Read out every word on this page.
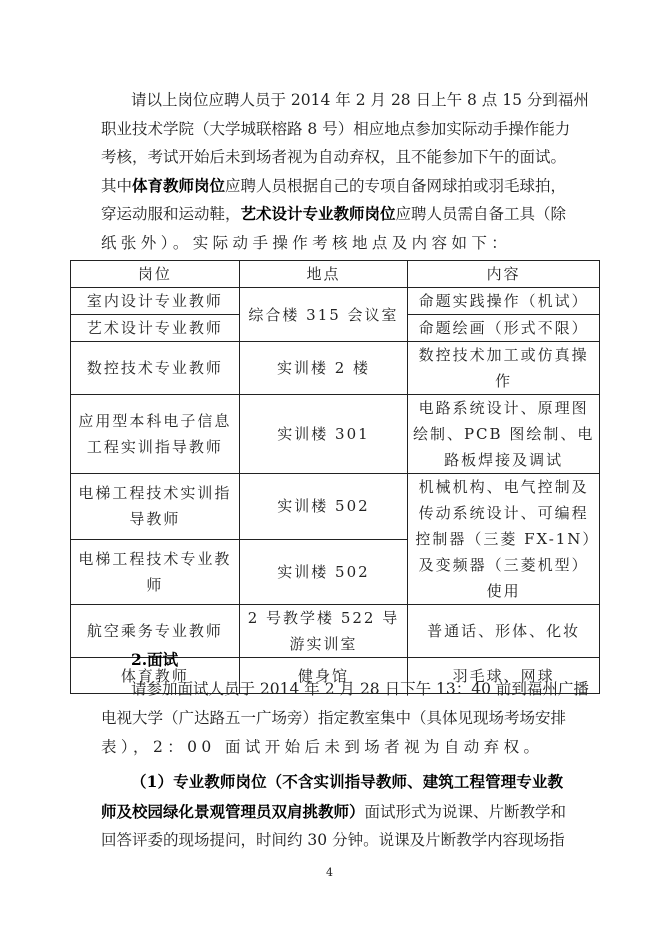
请以上岗位应聘人员于 2014 年 2 月 28 日上午 8 点 15 分到福州
职业技术学院（大学城联榕路 8 号）相应地点参加实际动手操作能力
考核，考试开始后未到场者视为自动弃权，且不能参加下午的面试。
其中体育教师岗位应聘人员根据自己的专项自备网球拍或羽毛球拍，
穿运动服和运动鞋，艺术设计专业教师岗位应聘人员需自备工具（除
纸张外）。实际动手操作考核地点及内容如下：
岗位	地点	内容
室内设计专业教师	综合楼 315 会议室	命题实践操作（机试）
艺术设计专业教师		命题绘画（形式不限）
数控技术专业教师	实训楼 2 楼	数控技术加工或仿真操作
应用型本科电子信息工程实训指导教师	实训楼 301	电路系统设计、原理图绘制、PCB 图绘制、电路板焊接及调试
电梯工程技术实训指导教师	实训楼 502	机械机构、电气控制及传动系统设计、可编程控制器（三菱 FX-1N）及变频器（三菱机型）使用
电梯工程技术专业教师	实训楼 502	
航空乘务专业教师	2 号教学楼 522 导游实训室	普通话、形体、化妆
体育教师	健身馆	羽毛球、网球
2.面试
请参加面试人员于 2014 年 2 月 28 日下午 13：40 前到福州广播
电视大学（广达路五一广场旁）指定教室集中（具体见现场考场安排
表），2：00 面试开始后未到场者视为自动弃权。
（1）专业教师岗位（不含实训指导教师、建筑工程管理专业教
师及校园绿化景观管理员双肩挑教师）面试形式为说课、片断教学和
回答评委的现场提问，时间约 30 分钟。说课及片断教学内容现场指
4
